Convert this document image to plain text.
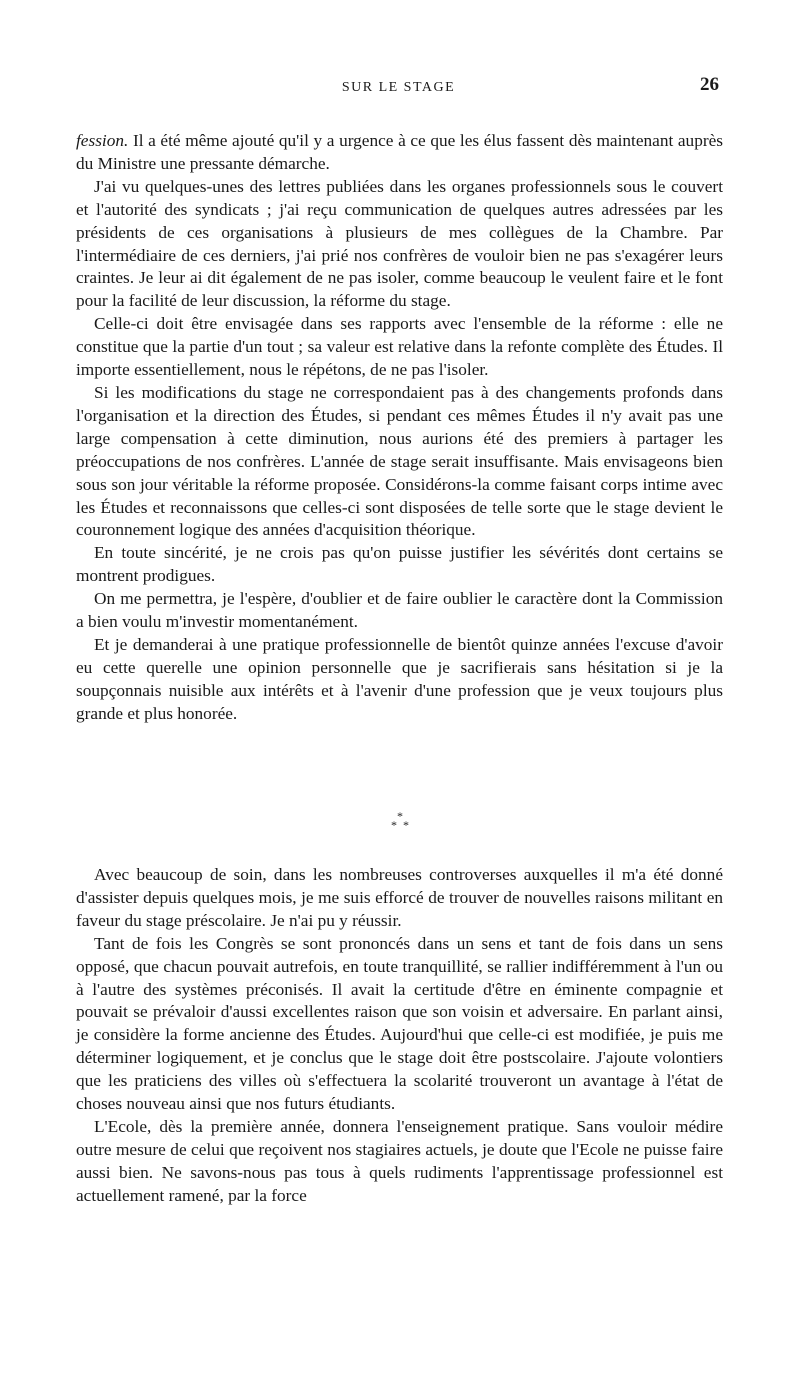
SUR LE STAGE	26

fession. Il a été même ajouté qu'il y a urgence à ce que les élus fassent dès maintenant auprès du Ministre une pressante démarche.

J'ai vu quelques-unes des lettres publiées dans les organes professionnels sous le couvert et l'autorité des syndicats ; j'ai reçu communication de quelques autres adressées par les présidents de ces organisations à plusieurs de mes collègues de la Chambre. Par l'intermédiaire de ces derniers, j'ai prié nos confrères de vouloir bien ne pas s'exagérer leurs craintes. Je leur ai dit également de ne pas isoler, comme beaucoup le veulent faire et le font pour la facilité de leur discussion, la réforme du stage.

Celle-ci doit être envisagée dans ses rapports avec l'ensemble de la réforme : elle ne constitue que la partie d'un tout ; sa valeur est relative dans la refonte complète des Études. Il importe essentiellement, nous le répétons, de ne pas l'isoler.

Si les modifications du stage ne correspondaient pas à des changements profonds dans l'organisation et la direction des Études, si pendant ces mêmes Études il n'y avait pas une large compensation à cette diminution, nous aurions été des premiers à partager les préoccupations de nos confrères. L'année de stage serait insuffisante. Mais envisageons bien sous son jour véritable la réforme proposée. Considérons-la comme faisant corps intime avec les Études et reconnaissons que celles-ci sont disposées de telle sorte que le stage devient le couronnement logique des années d'acquisition théorique.

En toute sincérité, je ne crois pas qu'on puisse justifier les sévérités dont certains se montrent prodigues.

On me permettra, je l'espère, d'oublier et de faire oublier le caractère dont la Commission a bien voulu m'investir momentanément.

Et je demanderai à une pratique professionnelle de bientôt quinze années l'excuse d'avoir eu cette querelle une opinion personnelle que je sacrifierais sans hésitation si je la soupçonnais nuisible aux intérêts et à l'avenir d'une profession que je veux toujours plus grande et plus honorée.

*
* *

Avec beaucoup de soin, dans les nombreuses controverses auxquelles il m'a été donné d'assister depuis quelques mois, je me suis efforcé de trouver de nouvelles raisons militant en faveur du stage préscolaire. Je n'ai pu y réussir.

Tant de fois les Congrès se sont prononcés dans un sens et tant de fois dans un sens opposé, que chacun pouvait autrefois, en toute tranquillité, se rallier indifféremment à l'un ou à l'autre des systèmes préconisés. Il avait la certitude d'être en éminente compagnie et pouvait se prévaloir d'aussi excellentes raison que son voisin et adversaire. En parlant ainsi, je considère la forme ancienne des Études. Aujourd'hui que celle-ci est modifiée, je puis me déterminer logiquement, et je conclus que le stage doit être postscolaire. J'ajoute volontiers que les praticiens des villes où s'effectuera la scolarité trouveront un avantage à l'état de choses nouveau ainsi que nos futurs étudiants.

L'Ecole, dès la première année, donnera l'enseignement pratique. Sans vouloir médire outre mesure de celui que reçoivent nos stagiaires actuels, je doute que l'Ecole ne puisse faire aussi bien. Ne savons-nous pas tous à quels rudiments l'apprentissage professionnel est actuellement ramené, par la force
